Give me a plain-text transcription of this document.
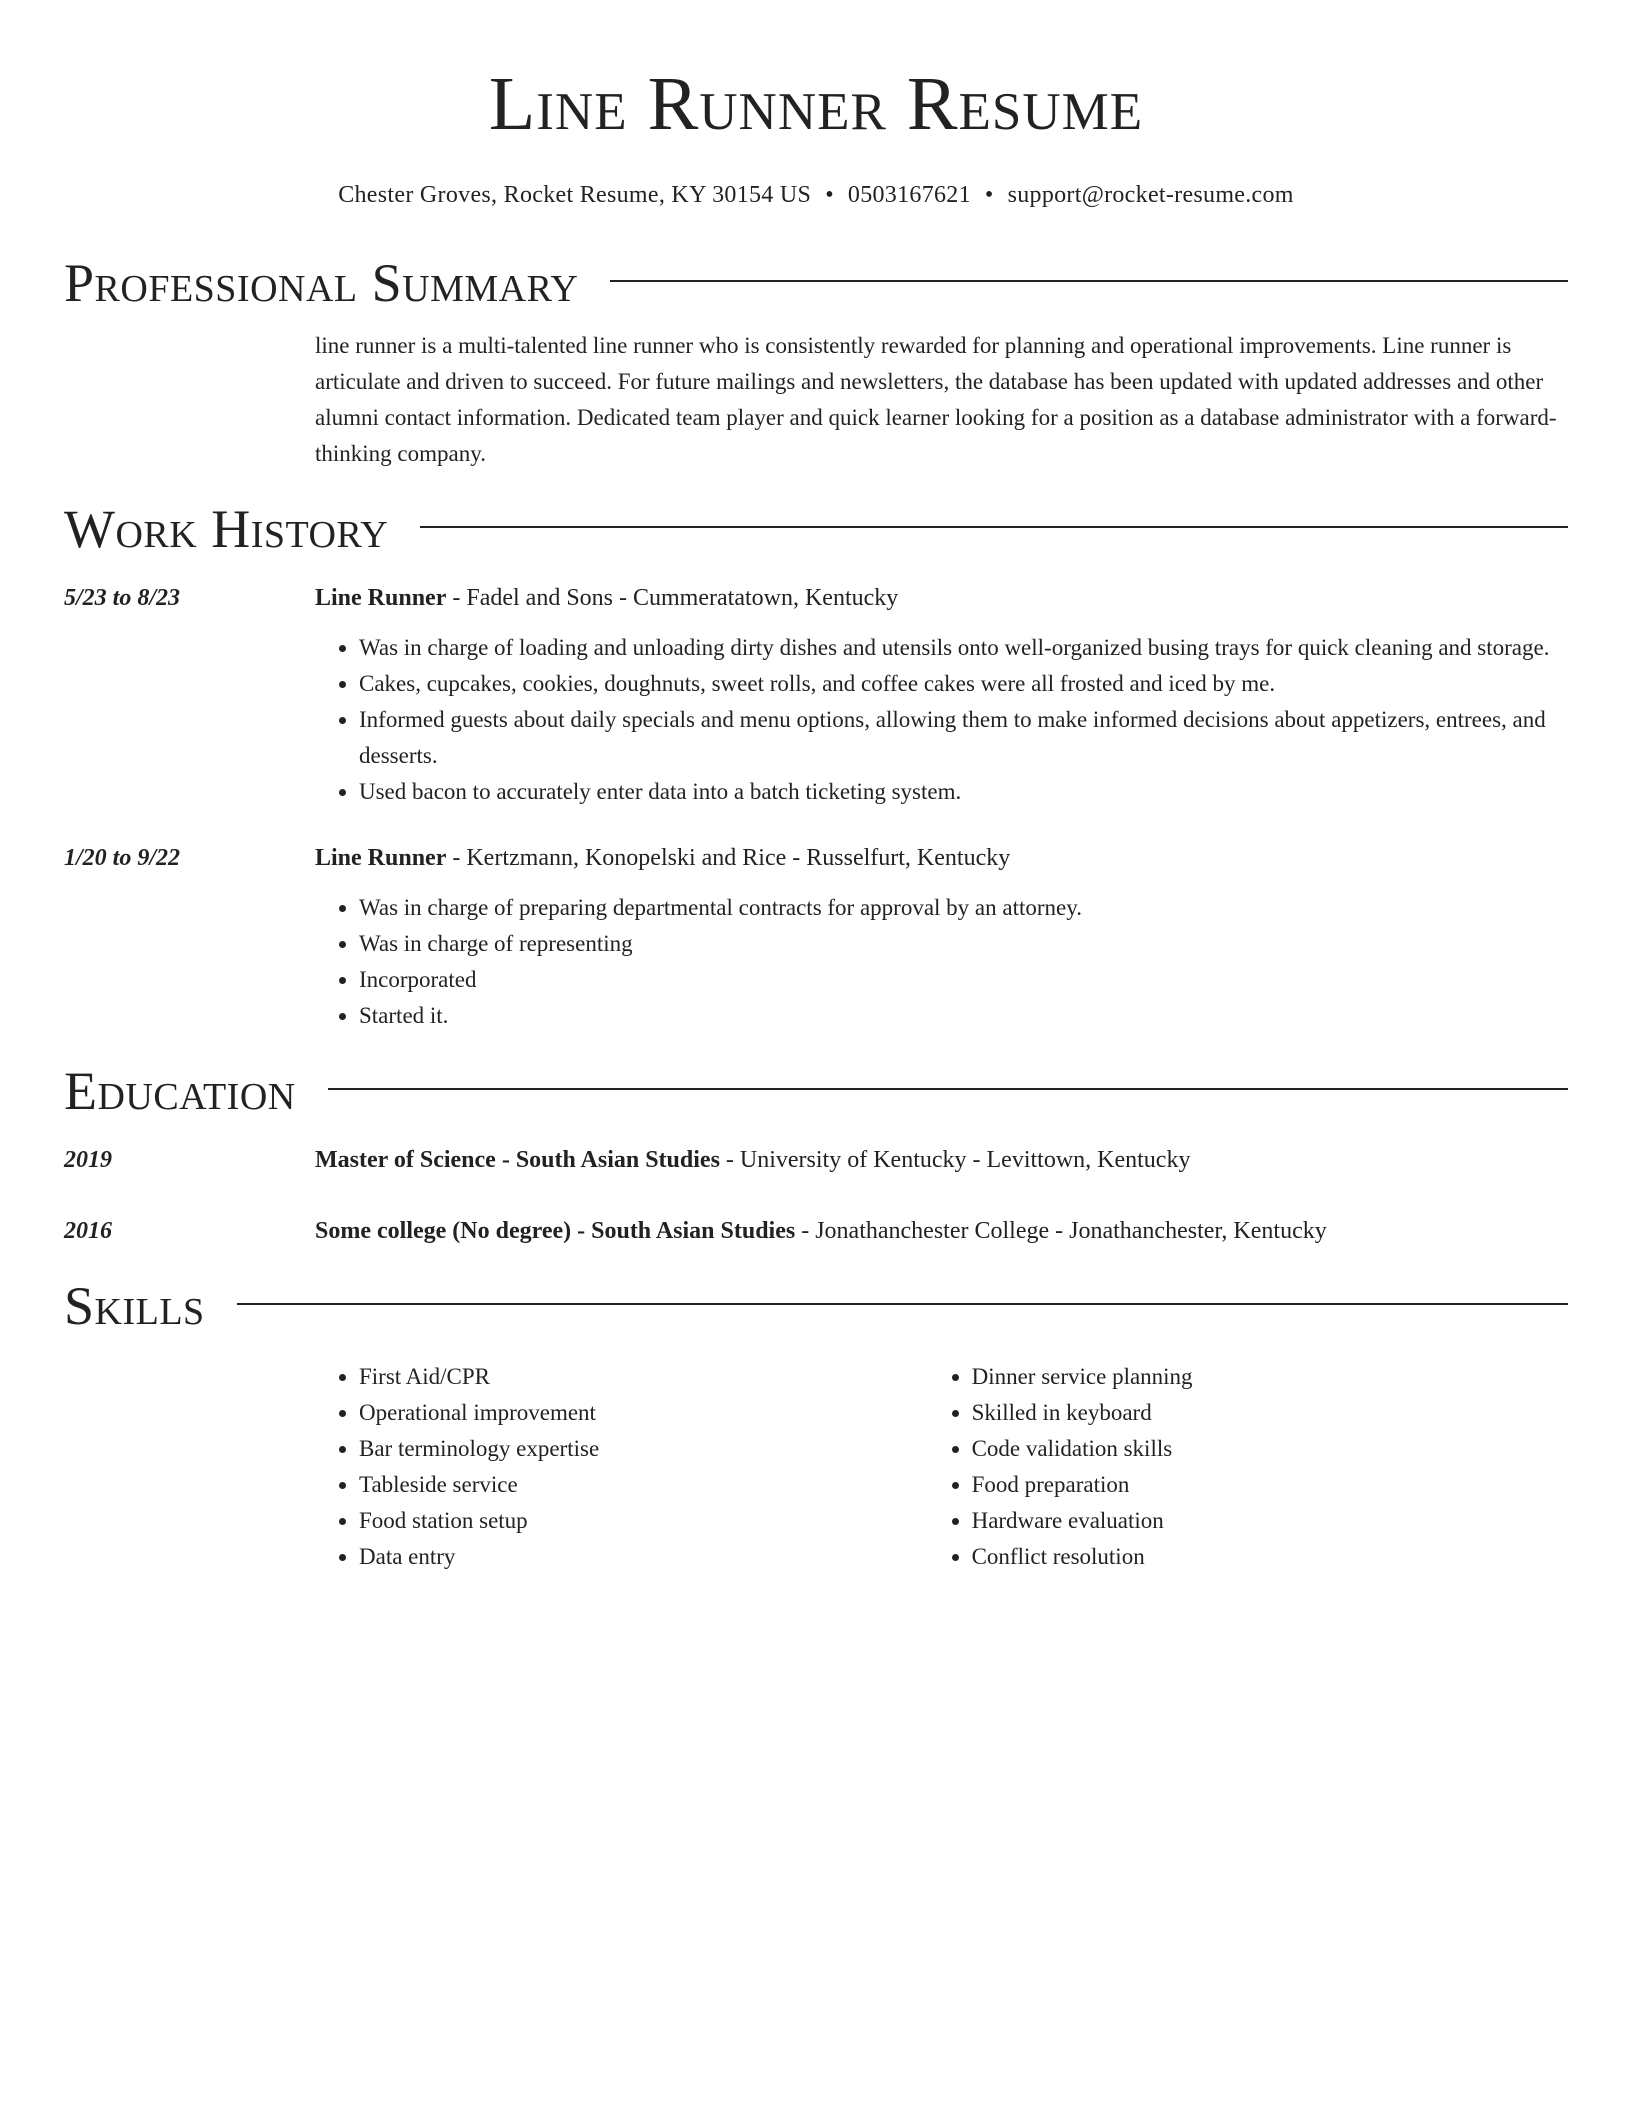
Line Runner Resume
Chester Groves, Rocket Resume, KY 30154 US • 0503167621 • support@rocket-resume.com
Professional Summary
line runner is a multi-talented line runner who is consistently rewarded for planning and operational improvements. Line runner is articulate and driven to succeed. For future mailings and newsletters, the database has been updated with updated addresses and other alumni contact information. Dedicated team player and quick learner looking for a position as a database administrator with a forward-thinking company.
Work History
5/23 to 8/23	Line Runner - Fadel and Sons - Cummeratatown, Kentucky
• Was in charge of loading and unloading dirty dishes and utensils onto well-organized busing trays for quick cleaning and storage.
• Cakes, cupcakes, cookies, doughnuts, sweet rolls, and coffee cakes were all frosted and iced by me.
• Informed guests about daily specials and menu options, allowing them to make informed decisions about appetizers, entrees, and desserts.
• Used bacon to accurately enter data into a batch ticketing system.
1/20 to 9/22	Line Runner - Kertzmann, Konopelski and Rice - Russelfurt, Kentucky
• Was in charge of preparing departmental contracts for approval by an attorney.
• Was in charge of representing
• Incorporated
• Started it.
Education
2019	Master of Science - South Asian Studies - University of Kentucky - Levittown, Kentucky
2016	Some college (No degree) - South Asian Studies - Jonathanchester College - Jonathanchester, Kentucky
Skills
• First Aid/CPR
• Operational improvement
• Bar terminology expertise
• Tableside service
• Food station setup
• Data entry
• Dinner service planning
• Skilled in keyboard
• Code validation skills
• Food preparation
• Hardware evaluation
• Conflict resolution
